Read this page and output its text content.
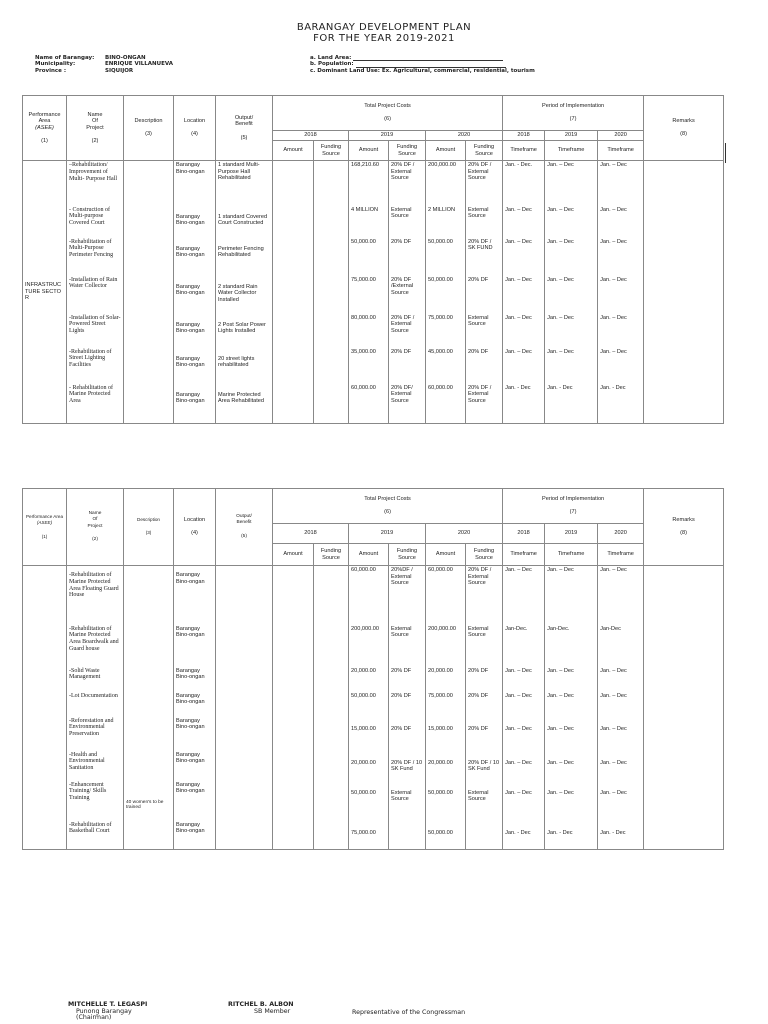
BARANGAY DEVELOPMENT PLAN
FOR THE YEAR 2019-2021
Name of Barangay: BINO-ONGAN
Municipality:	ENRIQUE VILLANUEVA
Province :	SIQUIJOR
a. Land Area:
b. Population:
c. Dominant Land Use: Ex. Agricultural, commercial, residential, tourism
Performance Area
(ASEE)

(1)	Name
Of
Project

(2)	Description

(3)	Location

(4)	Output/
Benefit

(5)	Total Project Costs

(6)						Period of Implementation

(7)			Remarks

(8)
					2018		2019		2020		2018	2019	2020	
					Amount	Funding
Source	Amount	Funding
Source	Amount	Funding
Source	Timeframe	Timeframe	Timeframe	
INFRASTRUCTURE SECTOR	–Rehabilitation/ Improvement of Multi- Purpose Hall		Barangay Bino-ongan	1 standard Multi-Purpose Hall Rehabilitated			168,210.60	20% DF / External Source	200,000.00	20% DF / External Source	Jan. - Dec.	Jan. – Dec	Jan. – Dec	
	- Construction of Multi-purpose Covered Court		Barangay Bino-ongan	1 standard Covered Court Constructed			4 MILLION	External Source	2 MILLION	External Source	Jan. – Dec	Jan. – Dec	Jan. – Dec	
	-Rehabilitation of Multi-Purpose Perimeter Fencing		Barangay Bino-ongan	Perimeter Fencing Rehabilitated			50,000.00	20% DF	50,000.00	20% DF / SK FUND	Jan. – Dec	Jan. – Dec	Jan. – Dec	
	-Installation of Rain Water Collector		Barangay Bino-ongan	2 standard Rain Water Collector Installed			75,000.00	20% DF /External Source	50,000.00	20% DF	Jan. – Dec	Jan. – Dec	Jan. – Dec	
	-Installation of Solar-Powered Street Lights		Barangay Bino-ongan	2 Post Solar Power Lights Installed			80,000.00	20% DF / External Source	75,000.00	External Source	Jan. – Dec	Jan. – Dec	Jan. – Dec	
	-Rehabilitation of Street Lighting Facilities		Barangay Bino-ongan	20 street lights rehabilitated			35,000.00	20% DF	45,000.00	20% DF	Jan. – Dec	Jan. – Dec	Jan. – Dec	
	- Rehabilitation of Marine Protected Area		Barangay Bino-ongan	Marine Protected Area Rehabilitated			60,000.00	20% DF/ External Source	60,000.00	20% DF / External Source	Jan. - Dec	Jan. - Dec	Jan. - Dec	
Performance Area
(ASEE)

(1)	Name
Of
Project

(2)	Description

(3)	Location

(4)	Output/
Benefit

(5)	Total Project Costs

(6)						Period of Implementation

(7)			Remarks

(8)
					2018		2019		2020		2018	2019	2020	
					Amount	Funding
Source	Amount	Funding
Source	Amount	Funding
Source	Timeframe	Timeframe	Timeframe	
	-Rehabilitation of Marine Protected Area Floating Guard House		Barangay Bino-ongan				60,000.00	20%DF / External Source	60,000.00	20% DF / External Source	Jan. – Dec	Jan. – Dec	Jan. – Dec	
	-Rehabilitation of Marine Protected Area Boardwalk and Guard house		Barangay Bino-ongan				200,000.00	External Source	200,000.00	External Source	Jan-Dec.	Jan-Dec.	Jan-Dec	
	-Solid Waste Management		Barangay Bino-ongan				20,000.00	20% DF	20,000.00	20% DF	Jan. – Dec	Jan. – Dec	Jan. – Dec	
	-Lot Documentation		Barangay Bino-ongan				50,000.00	20% DF	75,000.00	20% DF	Jan. – Dec	Jan. – Dec	Jan. – Dec	
	-Reforestation and Environmental Preservation		Barangay Bino-ongan				15,000.00	20% DF	15,000.00	20% DF	Jan. – Dec	Jan. – Dec	Jan. – Dec	
	-Health and Environmental Sanitation		Barangay Bino-ongan				20,000.00	20% DF / 10 SK Fund	20,000.00	20% DF / 10 SK Fund	Jan. – Dec	Jan. – Dec	Jan. – Dec	
	-Enhancement Training/ Skills Training	40 women's to be trained	Barangay Bino-ongan				50,000.00	External Source	50,000.00	External Source	Jan. – Dec	Jan. – Dec	Jan. – Dec	
	-Rehabilitation of Basketball Court		Barangay Bino-ongan				75,000.00		50,000.00		Jan. - Dec	Jan. - Dec	Jan. - Dec	
MITCHELLE T. LEGASPI
Punong Barangay
(Chairman)
RITCHEL B. ALBON
SB Member	Representative of the Congressman
